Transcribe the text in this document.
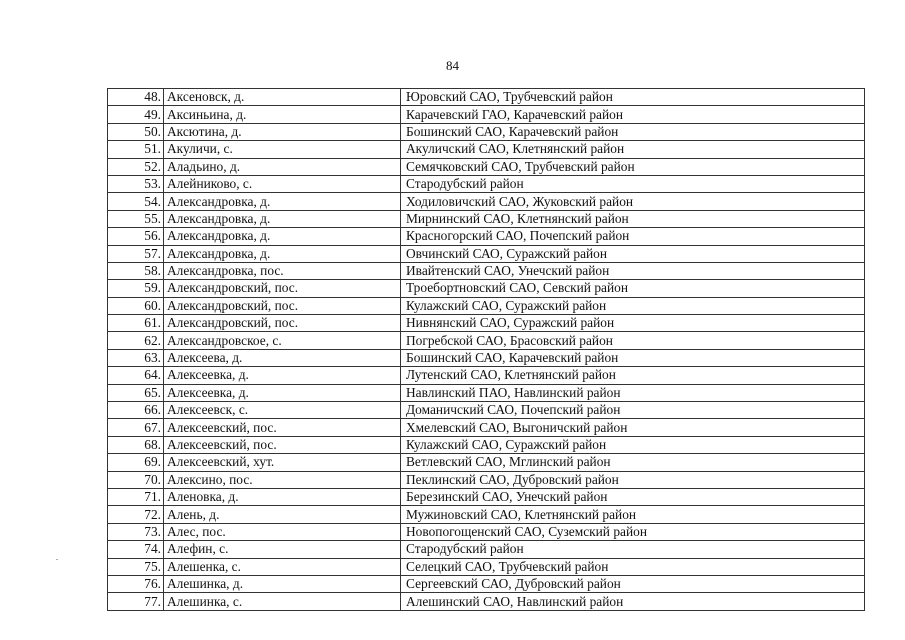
84
48.	Аксеновск, д.	Юровский САО, Трубчевский район
49.	Аксиньина, д.	Карачевский ГАО, Карачевский район
50.	Аксютина, д.	Бошинский САО, Карачевский район
51.	Акуличи, с.	Акуличский САО, Клетнянский район
52.	Аладьино, д.	Семячковский САО, Трубчевский район
53.	Алейниково, с.	Стародубский район
54.	Александровка, д.	Ходиловичский САО, Жуковский район
55.	Александровка, д.	Мирнинский САО, Клетнянский район
56.	Александровка, д.	Красногорский САО, Почепский район
57.	Александровка, д.	Овчинский САО, Суражский район
58.	Александровка, пос.	Ивайтенский САО, Унечский район
59.	Александровский, пос.	Троебортновский САО, Севский район
60.	Александровский, пос.	Кулажский САО, Суражский район
61.	Александровский, пос.	Нивнянский САО, Суражский район
62.	Александровское, с.	Погребской САО, Брасовский район
63.	Алексеева, д.	Бошинский САО, Карачевский район
64.	Алексеевка, д.	Лутенский САО, Клетнянский район
65.	Алексеевка, д.	Навлинский ПАО, Навлинский район
66.	Алексеевск, с.	Доманичский САО, Почепский район
67.	Алексеевский, пос.	Хмелевский САО, Выгоничский район
68.	Алексеевский, пос.	Кулажский САО, Суражский район
69.	Алексеевский, хут.	Ветлевский САО, Мглинский район
70.	Алексино, пос.	Пеклинский САО, Дубровский район
71.	Аленовка, д.	Березинский САО, Унечский район
72.	Алень, д.	Мужиновский САО, Клетнянский район
73.	Алес, пос.	Новопогощенский САО, Суземский район
74.	Алефин, с.	Стародубский район
75.	Алешенка, с.	Селецкий САО, Трубчевский район
76.	Алешинка, д.	Сергеевский САО, Дубровский район
77.	Алешинка, с.	Алешинский САО, Навлинский район
